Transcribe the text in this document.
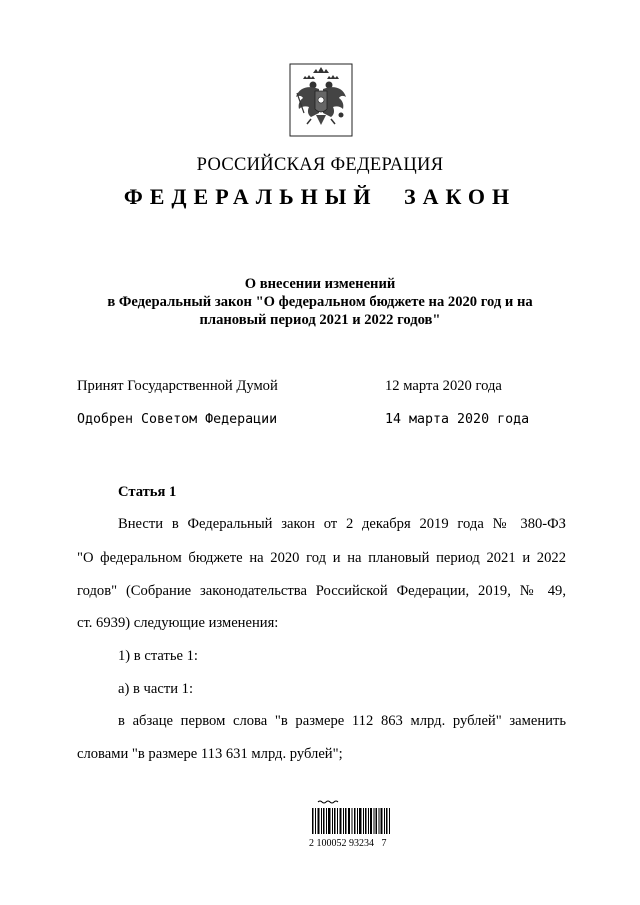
РОССИЙСКАЯ ФЕДЕРАЦИЯ
ФЕДЕРАЛЬНЫЙ ЗАКОН
О внесении изменений
в Федеральный закон "О федеральном бюджете на 2020 год и на
плановый период 2021 и 2022 годов"
Принят Государственной Думой	12 марта 2020 года
Одобрен Советом Федерации	14 марта 2020 года
Статья 1
Внести в Федеральный закон от 2 декабря 2019 года № 380-ФЗ
"О федеральном бюджете на 2020 год и на плановый период 2021 и 2022
годов" (Собрание законодательства Российской Федерации, 2019, № 49,
ст. 6939) следующие изменения:
1) в статье 1:
а) в части 1:
в абзаце первом слова "в размере 112 863 млрд. рублей" заменить
словами "в размере 113 631 млрд. рублей";
2 100052 93234   7
